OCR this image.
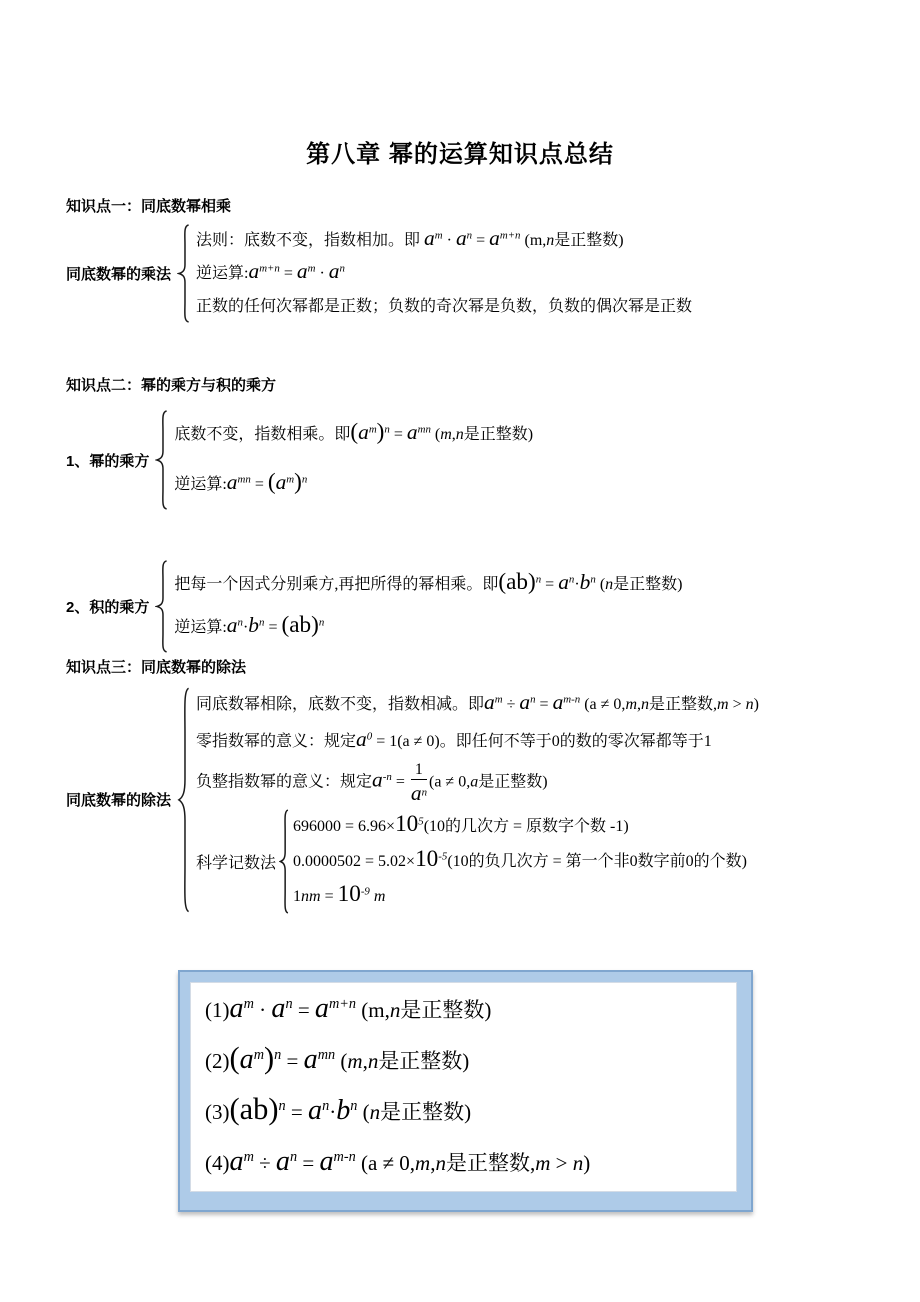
第八章 幂的运算知识点总结
知识点一：同底数幂相乘
同底数幂的乘法
法则：底数不变，指数相加。即 $a^m \cdot a^n = a^{m+n}$ (m,n是正整数)
逆运算$:a^{m+n} = a^m \cdot a^n$
正数的任何次幂都是正数；负数的奇次幂是负数，负数的偶次幂是正数
知识点二：幂的乘方与积的乘方
1、幂的乘方
底数不变，指数相乘。即$(a^m)^n = a^{mn}$ (m,n是正整数)
逆运算$:a^{mn} = (a^m)^n$
2、积的乘方
把每一个因式分别乘方,再把所得的幂相乘。即$(ab)^n = a^n\cdot b^n$ (n是正整数)
逆运算$:a^n\cdot b^n = (ab)^n$
知识点三：同底数幂的除法
同底数幂的除法
同底数幂相除，底数不变，指数相减。即$a^m \div a^n = a^{m-n}$ (a ≠ 0,m,n是正整数,m > n)
零指数幂的意义：规定$a^0 = 1(a \ne 0)$。即任何不等于0的数的零次幂都等于1
负整指数幂的意义：规定$a^{-n} = \frac{1}{a^n} (a \ne 0,a$是正整数)
科学记数法
$696000 = 6.96\times 10^5(10$的几次方 = 原数字个数 -1)
$0.0000502 = 5.02\times 10^{-5}(10$的负几次方 = 第一个非0数字前0的个数)
$1nm = 10^{-9}$ m
$(1)a^m \cdot a^n = a^{m+n}$ (m,n是正整数)
$(2)(a^m)^n = a^{mn}$ (m,n是正整数)
$(3)(ab)^n = a^n\cdot b^n$ (n是正整数)
$(4)a^m \div a^n = a^{m-n}$ (a ≠ 0,m,n是正整数,m > n)
